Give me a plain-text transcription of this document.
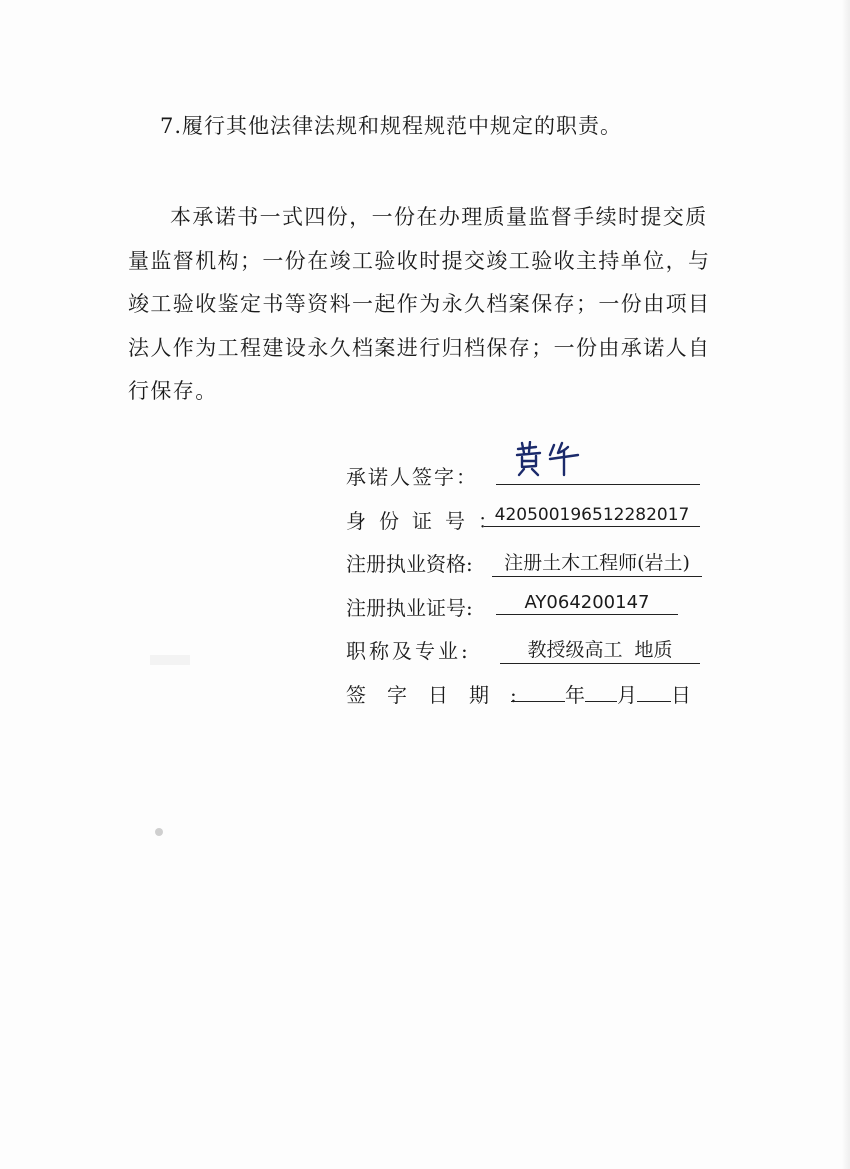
7.履行其他法律法规和规程规范中规定的职责。

本承诺书一式四份，一份在办理质量监督手续时提交质

量监督机构；一份在竣工验收时提交竣工验收主持单位，与

竣工验收鉴定书等资料一起作为永久档案保存；一份由项目

法人作为工程建设永久档案进行归档保存；一份由承诺人自

行保存。

承诺人签字：
身份证号：
420500196512282017
注册执业资格:	注册土木工程师(岩土)
注册执业证号:	AY064200147
职称及专业:	教授级高工  地质
签字日期:	年 月 日
